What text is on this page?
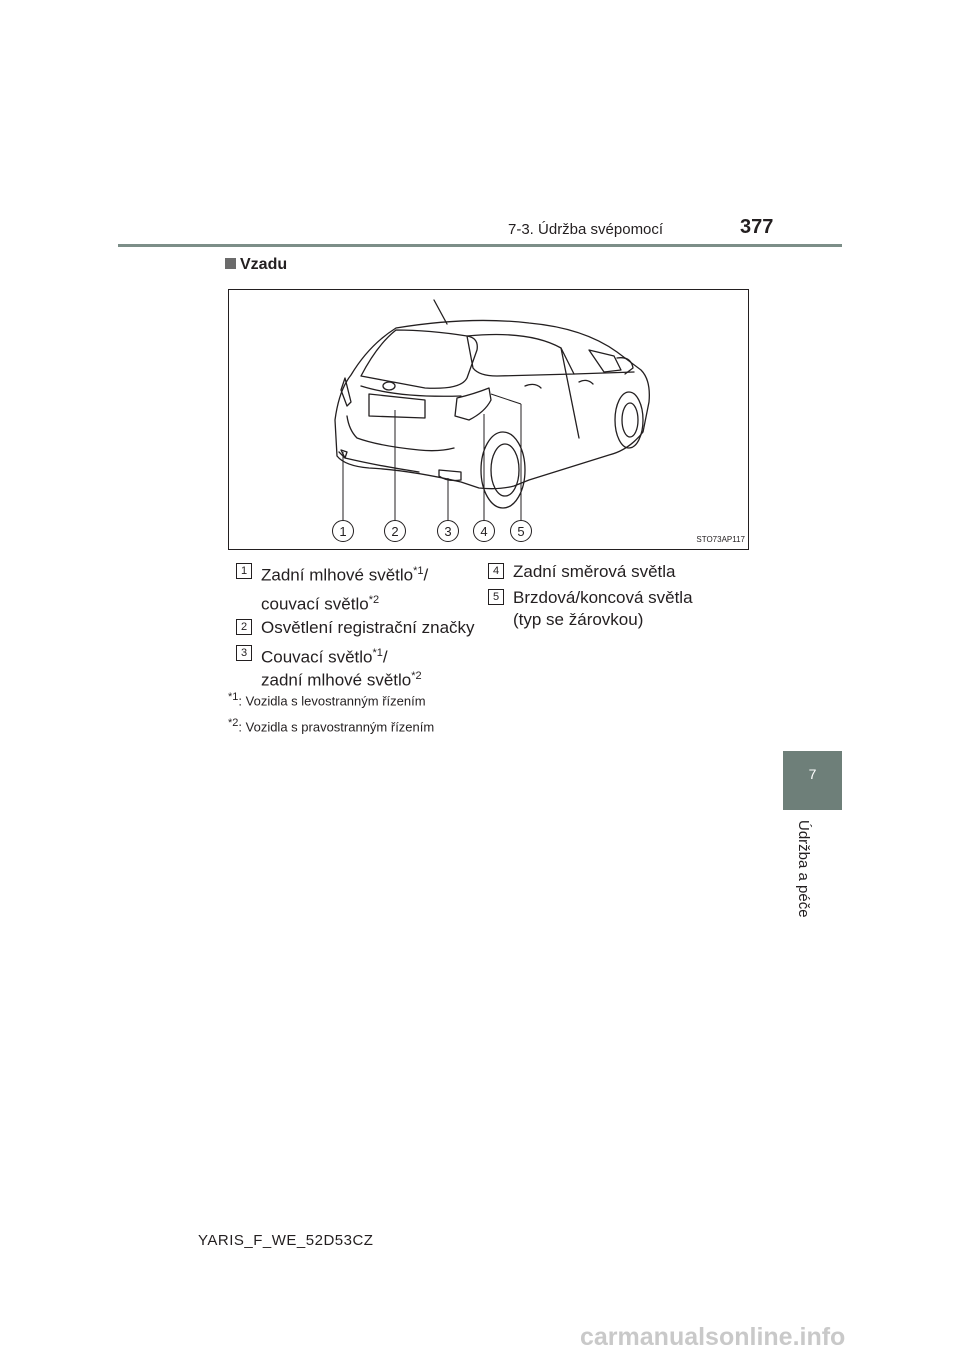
7-3. Údržba svépomocí	377
7
Údržba a péče
Vzadu
1	2	3 4 5
STO73AP117
1 Zadní mlhové světlo$^{*1}$/
couvací světlo$^{*2}$
2 Osvětlení registrační značky
3 Couvací světlo$^{*1}$/
zadní mlhové světlo$^{*2}$
4 Zadní směrová světla
5 Brzdová/koncová světla
(typ se žárovkou)
$^{*1}$: Vozidla s levostranným řízením
$^{*2}$: Vozidla s pravostranným řízením
YARIS_F_WE_52D53CZ
carmanualsonline.info
